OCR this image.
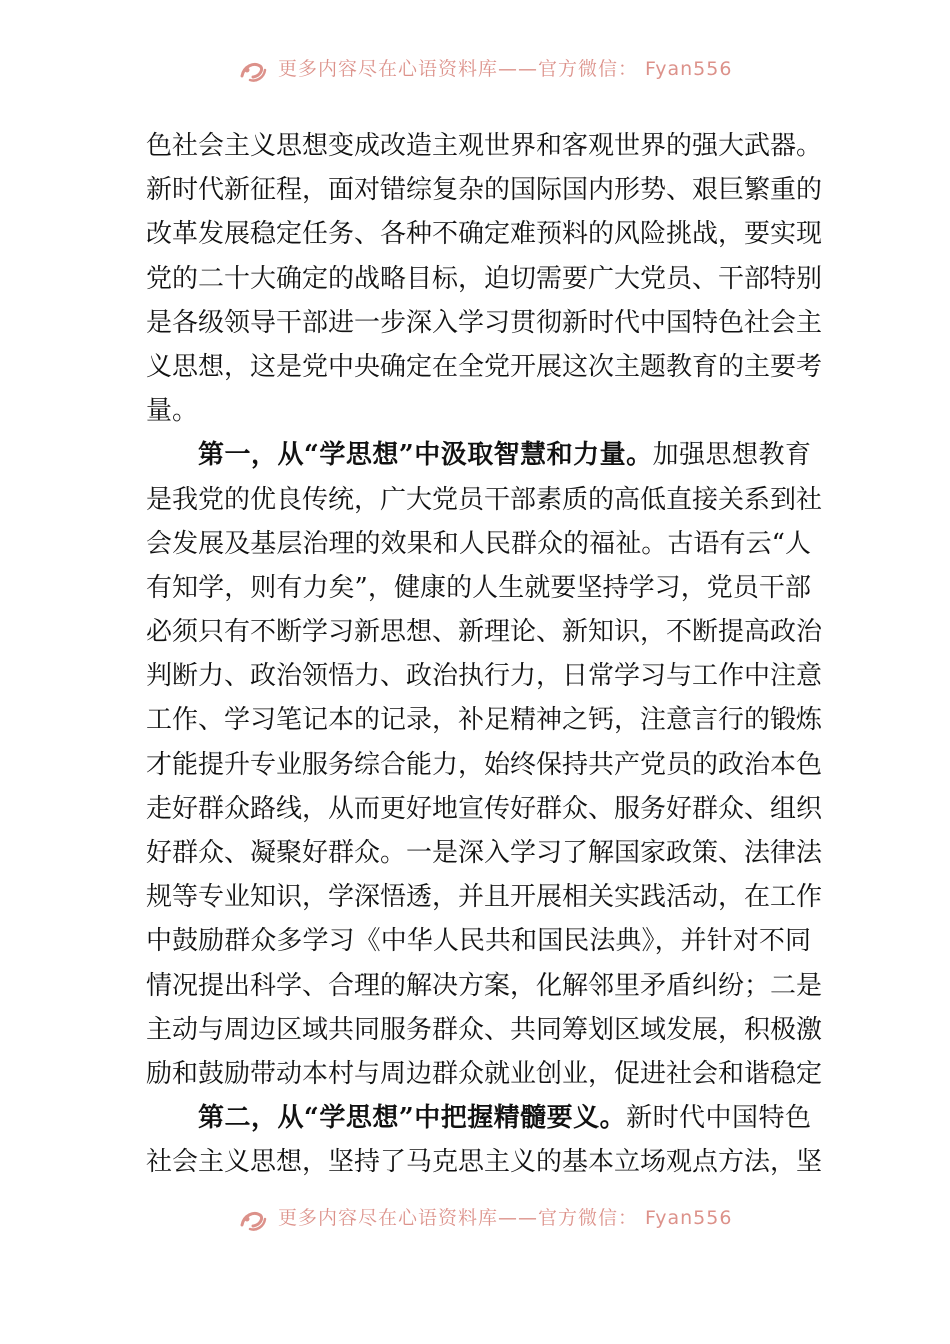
更多内容尽在心语资料库——官方微信： Fyan556
色社会主义思想变成改造主观世界和客观世界的强大武器。
新时代新征程，面对错综复杂的国际国内形势、艰巨繁重的
改革发展稳定任务、各种不确定难预料的风险挑战，要实现
党的二十大确定的战略目标，迫切需要广大党员、干部特别
是各级领导干部进一步深入学习贯彻新时代中国特色社会主
义思想，这是党中央确定在全党开展这次主题教育的主要考
量。
第一，从“学思想”中汲取智慧和力量。加强思想教育
是我党的优良传统，广大党员干部素质的高低直接关系到社
会发展及基层治理的效果和人民群众的福祉。古语有云“人
有知学，则有力矣”，健康的人生就要坚持学习，党员干部
必须只有不断学习新思想、新理论、新知识，不断提高政治
判断力、政治领悟力、政治执行力，日常学习与工作中注意
工作、学习笔记本的记录，补足精神之钙，注意言行的锻炼
才能提升专业服务综合能力，始终保持共产党员的政治本色
走好群众路线，从而更好地宣传好群众、服务好群众、组织
好群众、凝聚好群众。一是深入学习了解国家政策、法律法
规等专业知识，学深悟透，并且开展相关实践活动，在工作
中鼓励群众多学习《中华人民共和国民法典》，并针对不同
情况提出科学、合理的解决方案，化解邻里矛盾纠纷；二是
主动与周边区域共同服务群众、共同筹划区域发展，积极激
励和鼓励带动本村与周边群众就业创业，促进社会和谐稳定
第二，从“学思想”中把握精髓要义。新时代中国特色
社会主义思想，坚持了马克思主义的基本立场观点方法，坚
更多内容尽在心语资料库——官方微信： Fyan556
